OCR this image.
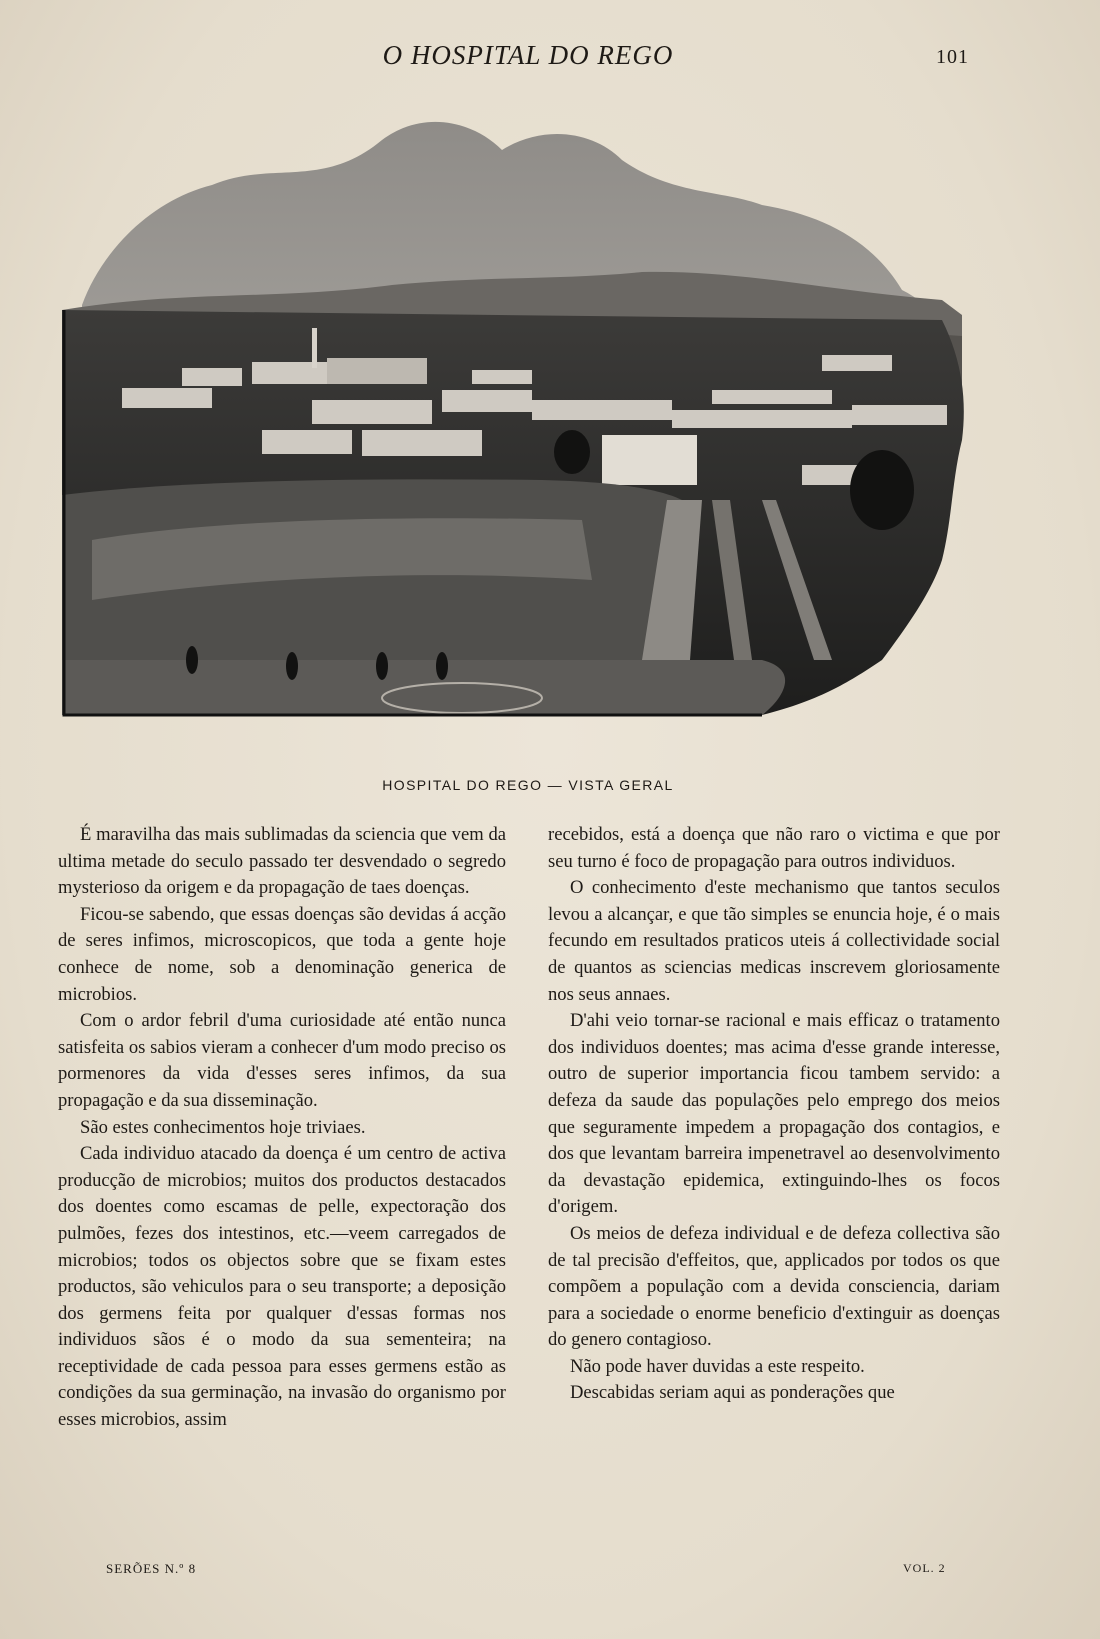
O HOSPITAL DO REGO	101
HOSPITAL DO REGO — VISTA GERAL

É maravilha das mais sublimadas da sciencia que vem da ultima metade do seculo passado ter desvendado o segredo mysterioso da origem e da propagação de taes doenças.

Ficou-se sabendo, que essas doenças são devidas á acção de seres infimos, microscopicos, que toda a gente hoje conhece de nome, sob a denominação generica de microbios.

Com o ardor febril d'uma curiosidade até então nunca satisfeita os sabios vieram a conhecer d'um modo preciso os pormenores da vida d'esses seres infimos, da sua propagação e da sua disseminação.

São estes conhecimentos hoje triviaes.

Cada individuo atacado da doença é um centro de activa producção de microbios; muitos dos productos destacados dos doentes como escamas de pelle, expectoração dos pulmões, fezes dos intestinos, etc.—veem carregados de microbios; todos os objectos sobre que se fixam estes productos, são vehiculos para o seu transporte; a deposição dos germens feita por qualquer d'essas formas nos individuos sãos é o modo da sua sementeira; na receptividade de cada pessoa para esses germens estão as condições da sua germinação, na invasão do organismo por esses microbios, assim

recebidos, está a doença que não raro o victima e que por seu turno é foco de propagação para outros individuos.

O conhecimento d'este mechanismo que tantos seculos levou a alcançar, e que tão simples se enuncia hoje, é o mais fecundo em resultados praticos uteis á collectividade social de quantos as sciencias medicas inscrevem gloriosamente nos seus annaes.

D'ahi veio tornar-se racional e mais efficaz o tratamento dos individuos doentes; mas acima d'esse grande interesse, outro de superior importancia ficou tambem servido: a defeza da saude das populações pelo emprego dos meios que seguramente impedem a propagação dos contagios, e dos que levantam barreira impenetravel ao desenvolvimento da devastação epidemica, extinguindo-lhes os focos d'origem.

Os meios de defeza individual e de defeza collectiva são de tal precisão d'effeitos, que, applicados por todos os que compõem a população com a devida consciencia, dariam para a sociedade o enorme beneficio d'extinguir as doenças do genero contagioso.

Não pode haver duvidas a este respeito.

Descabidas seriam aqui as ponderações que

SERÕES N.º 8	VOL. 2
